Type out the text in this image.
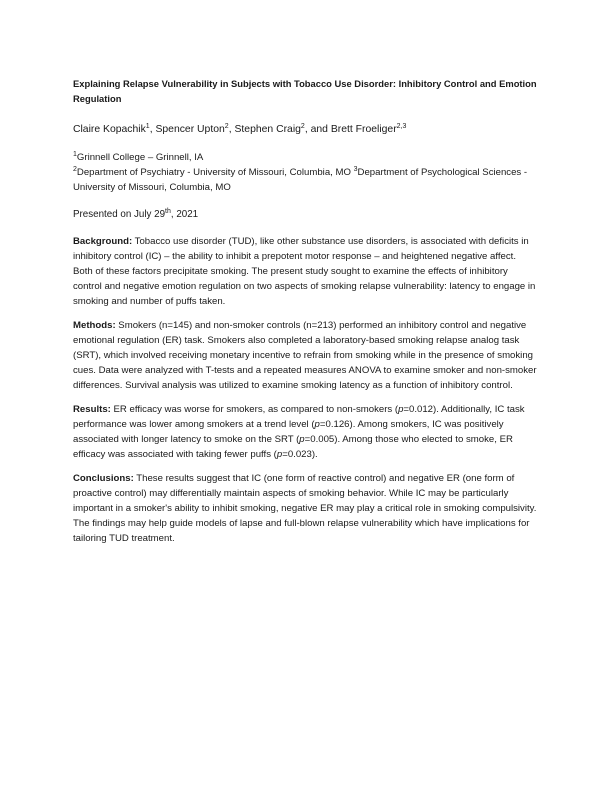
Explaining Relapse Vulnerability in Subjects with Tobacco Use Disorder: Inhibitory Control and Emotion Regulation

Claire Kopachik$^1$, Spencer Upton$^2$, Stephen Craig$^2$, and Brett Froeliger$^{2,3}$

$^1$Grinnell College – Grinnell, IA

$^2$Department of Psychiatry - University of Missouri, Columbia, MO $^3$Department of Psychological Sciences - University of Missouri, Columbia, MO

Presented on July 29th, 2021

Background: Tobacco use disorder (TUD), like other substance use disorders, is associated with deficits in inhibitory control (IC) – the ability to inhibit a prepotent motor response – and heightened negative affect. Both of these factors precipitate smoking. The present study sought to examine the effects of inhibitory control and negative emotion regulation on two aspects of smoking relapse vulnerability: latency to engage in smoking and number of puffs taken.

Methods: Smokers (n=145) and non-smoker controls (n=213) performed an inhibitory control and negative emotional regulation (ER) task. Smokers also completed a laboratory-based smoking relapse analog task (SRT), which involved receiving monetary incentive to refrain from smoking while in the presence of smoking cues. Data were analyzed with T-tests and a repeated measures ANOVA to examine smoker and non-smoker differences. Survival analysis was utilized to examine smoking latency as a function of inhibitory control.

Results: ER efficacy was worse for smokers, as compared to non-smokers (p=0.012). Additionally, IC task performance was lower among smokers at a trend level (p=0.126). Among smokers, IC was positively associated with longer latency to smoke on the SRT (p=0.005). Among those who elected to smoke, ER efficacy was associated with taking fewer puffs (p=0.023).

Conclusions: These results suggest that IC (one form of reactive control) and negative ER (one form of proactive control) may differentially maintain aspects of smoking behavior. While IC may be particularly important in a smoker's ability to inhibit smoking, negative ER may play a critical role in smoking compulsivity. The findings may help guide models of lapse and full-blown relapse vulnerability which have implications for tailoring TUD treatment.
